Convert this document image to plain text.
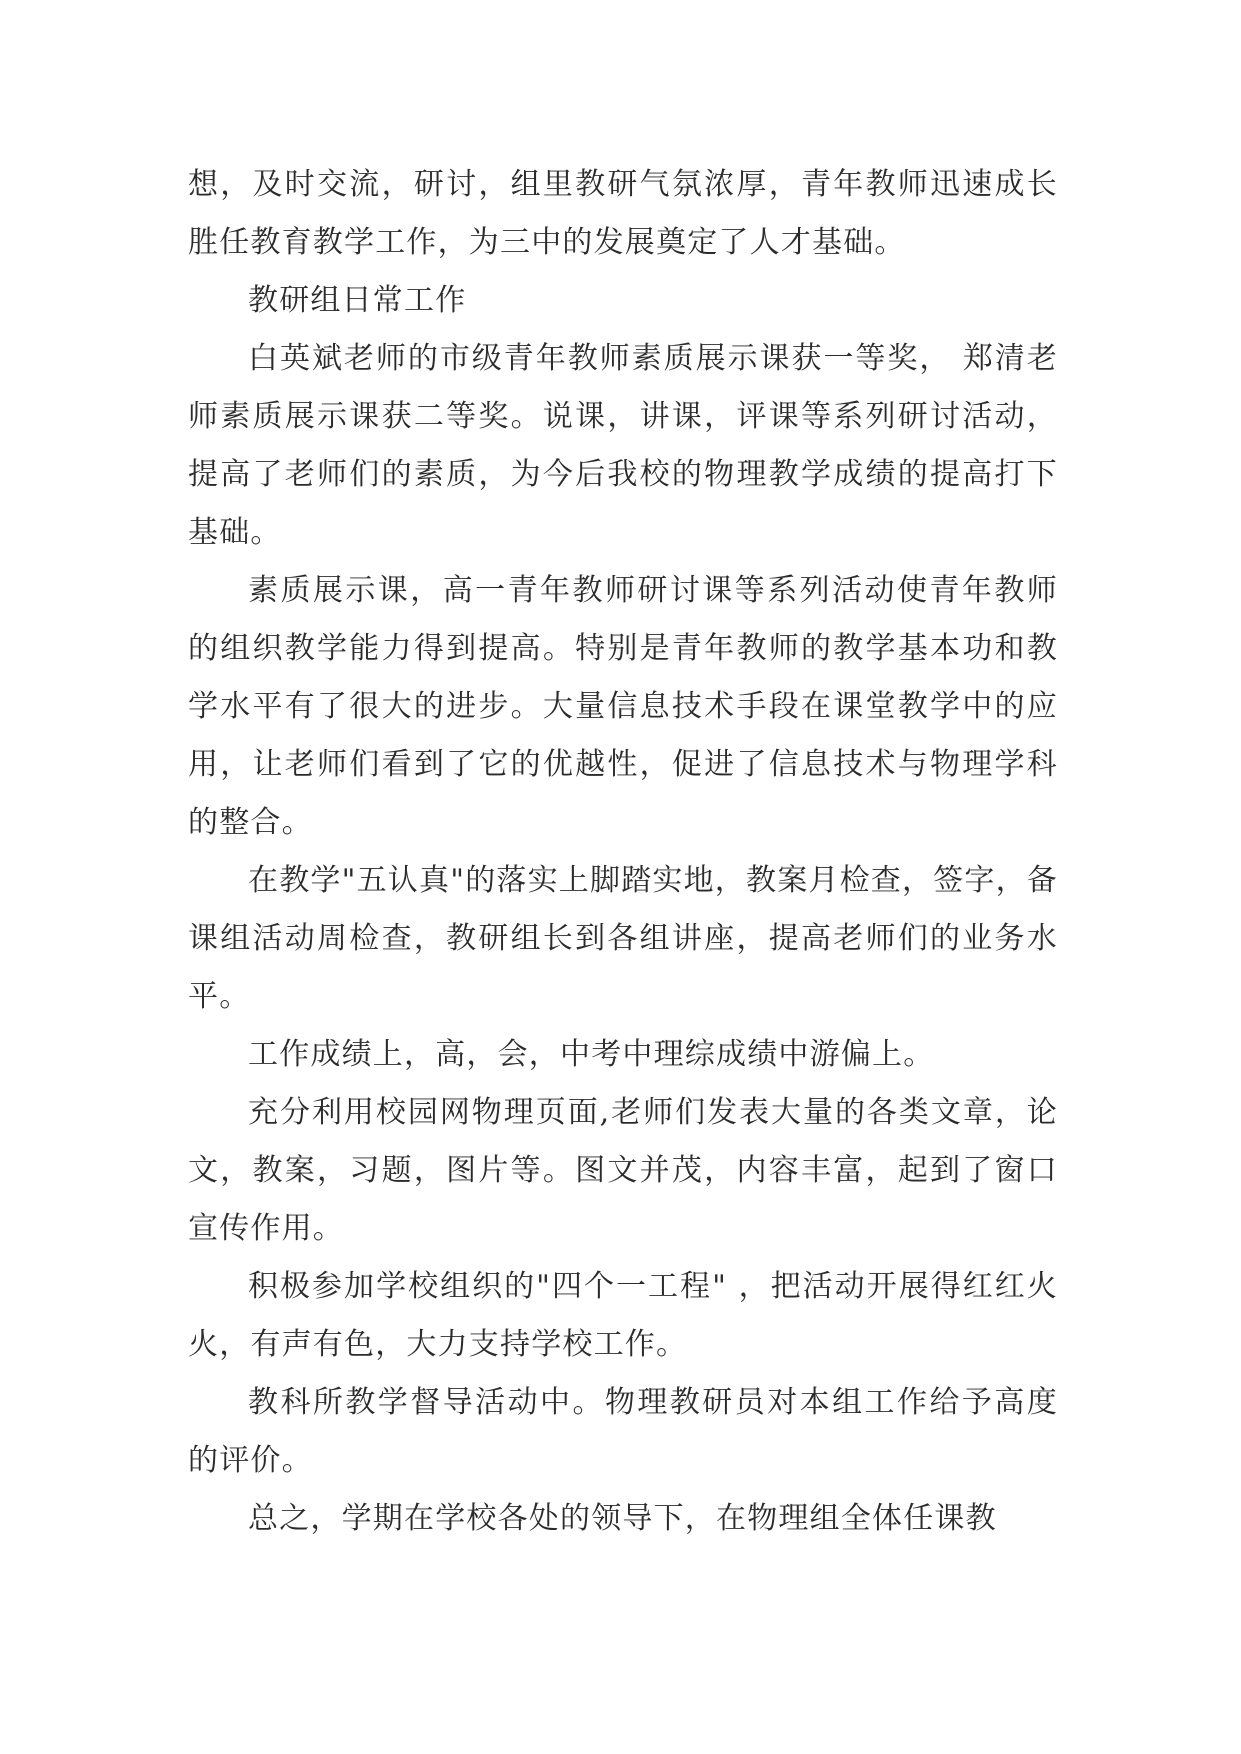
想，及时交流，研讨，组里教研气氛浓厚，青年教师迅速成长胜任教育教学工作，为三中的发展奠定了人才基础。

教研组日常工作

白英斌老师的市级青年教师素质展示课获一等奖， 郑清老师素质展示课获二等奖。说课，讲课，评课等系列研讨活动，提高了老师们的素质，为今后我校的物理教学成绩的提高打下基础。

素质展示课，高一青年教师研讨课等系列活动使青年教师的组织教学能力得到提高。特别是青年教师的教学基本功和教学水平有了很大的进步。大量信息技术手段在课堂教学中的应用，让老师们看到了它的优越性，促进了信息技术与物理学科的整合。

在教学"五认真"的落实上脚踏实地，教案月检查，签字，备课组活动周检查，教研组长到各组讲座，提高老师们的业务水平。

工作成绩上，高，会，中考中理综成绩中游偏上。

充分利用校园网物理页面,老师们发表大量的各类文章，论文，教案，习题，图片等。图文并茂，内容丰富，起到了窗口宣传作用。

积极参加学校组织的"四个一工程" ，把活动开展得红红火火，有声有色，大力支持学校工作。

教科所教学督导活动中。物理教研员对本组工作给予高度的评价。

总之，学期在学校各处的领导下，在物理组全体任课教
